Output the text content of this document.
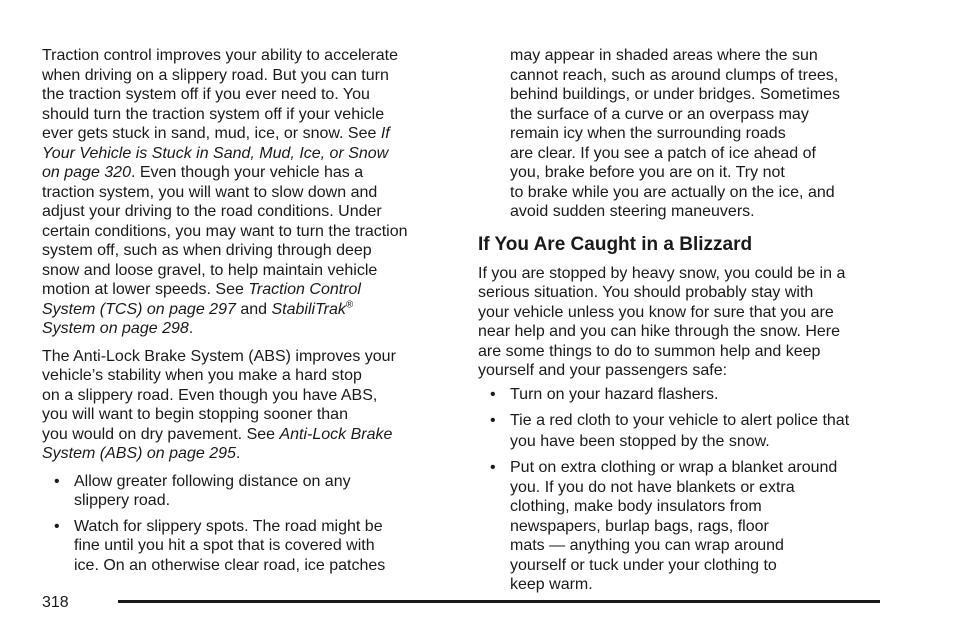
Traction control improves your ability to accelerate
when driving on a slippery road. But you can turn
the traction system off if you ever need to. You
should turn the traction system off if your vehicle
ever gets stuck in sand, mud, ice, or snow. See If
Your Vehicle is Stuck in Sand, Mud, Ice, or Snow
on page 320. Even though your vehicle has a
traction system, you will want to slow down and
adjust your driving to the road conditions. Under
certain conditions, you may want to turn the traction
system off, such as when driving through deep
snow and loose gravel, to help maintain vehicle
motion at lower speeds. See Traction Control
System (TCS) on page 297 and StabiliTrak®
System on page 298.
The Anti-Lock Brake System (ABS) improves your
vehicle’s stability when you make a hard stop
on a slippery road. Even though you have ABS,
you will want to begin stopping sooner than
you would on dry pavement. See Anti-Lock Brake
System (ABS) on page 295.
• Allow greater following distance on any
slippery road.
• Watch for slippery spots. The road might be
fine until you hit a spot that is covered with
ice. On an otherwise clear road, ice patches
may appear in shaded areas where the sun
cannot reach, such as around clumps of trees,
behind buildings, or under bridges. Sometimes
the surface of a curve or an overpass may
remain icy when the surrounding roads
are clear. If you see a patch of ice ahead of
you, brake before you are on it. Try not
to brake while you are actually on the ice, and
avoid sudden steering maneuvers.
If You Are Caught in a Blizzard
If you are stopped by heavy snow, you could be in a
serious situation. You should probably stay with
your vehicle unless you know for sure that you are
near help and you can hike through the snow. Here
are some things to do to summon help and keep
yourself and your passengers safe:
• Turn on your hazard flashers.
• Tie a red cloth to your vehicle to alert police that
you have been stopped by the snow.
• Put on extra clothing or wrap a blanket around
you. If you do not have blankets or extra
clothing, make body insulators from
newspapers, burlap bags, rags, floor
mats — anything you can wrap around
yourself or tuck under your clothing to
keep warm.
318
